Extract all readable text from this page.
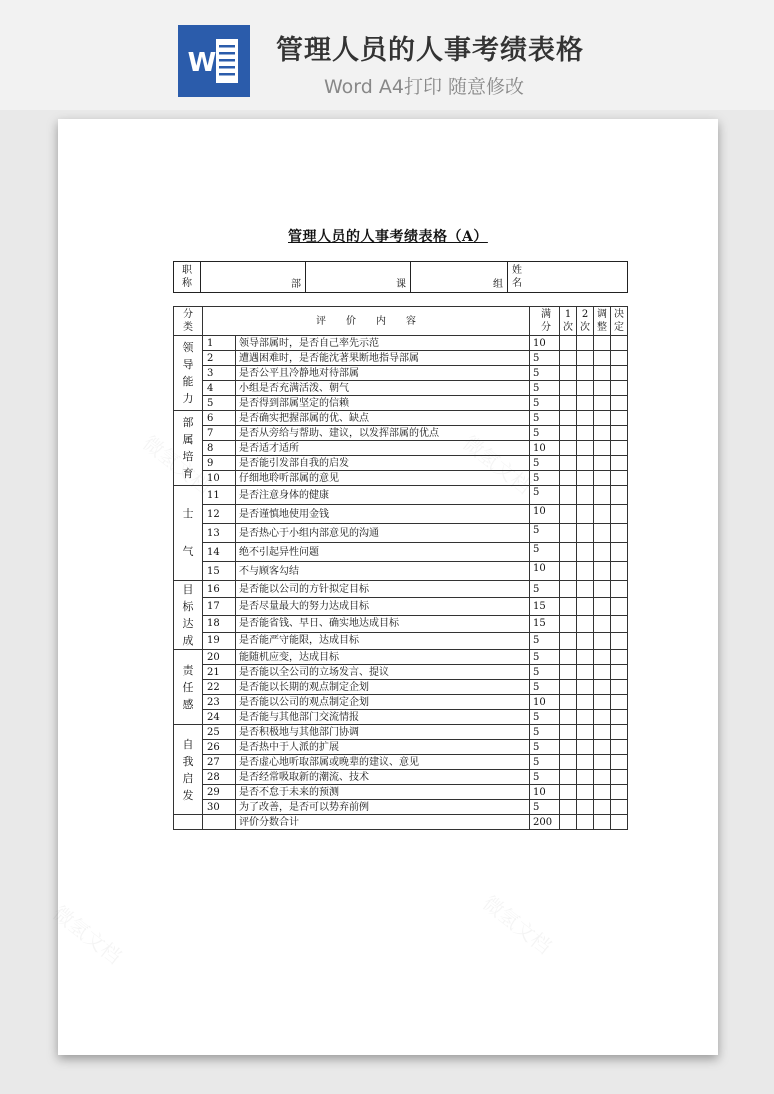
W 管理人员的人事考绩表格
Word A4打印 随意修改
管理人员的人事考绩表格（A）
职称	部	课	组	姓名
分类	评　　价　　内　　容		满分	1次	2次	调整	决定
领导能力	1	领导部属时，是否自己率先示范	10				
	2	遭遇困难时，是否能沈著果断地指导部属	5				
	3	是否公平且冷静地对待部属	5				
	4	小组是否充满活泼、朝气	5				
	5	是否得到部属坚定的信赖	5				
部属培育	6	是否确实把握部属的优、缺点	5				
	7	是否从旁给与帮助、建议，以发挥部属的优点	5				
	8	是否适才适所	10				
	9	是否能引发部自我的启发	5				
	10	仔细地聆听部属的意见	5				
士　气	11	是否注意身体的健康	5				
	12	是否谨慎地使用金钱	10				
	13	是否热心于小组内部意见的沟通	5				
	14	绝不引起异性问题	5				
	15	不与顾客勾结	10				
目标达成	16	是否能以公司的方针拟定目标	5				
	17	是否尽量最大的努力达成目标	15				
	18	是否能省钱、早日、确实地达成目标	15				
	19	是否能严守能限，达成目标	5				
责任感	20	能随机应变，达成目标	5				
	21	是否能以全公司的立场发言、提议	5				
	22	是否能以长期的观点制定企划	5				
	23	是否能以公司的观点制定企划	10				
	24	是否能与其他部门交流情报	5				
自我启发	25	是否积极地与其他部门协调	5				
	26	是否热中于人派的扩展	5				
	27	是否虚心地听取部属或晚辈的建议、意见	5				
	28	是否经常吸取新的潮流、技术	5				
	29	是否不怠于未来的预测	10				
	30	为了改善，是否可以势弃前例	5				
		评价分数合计	200				
